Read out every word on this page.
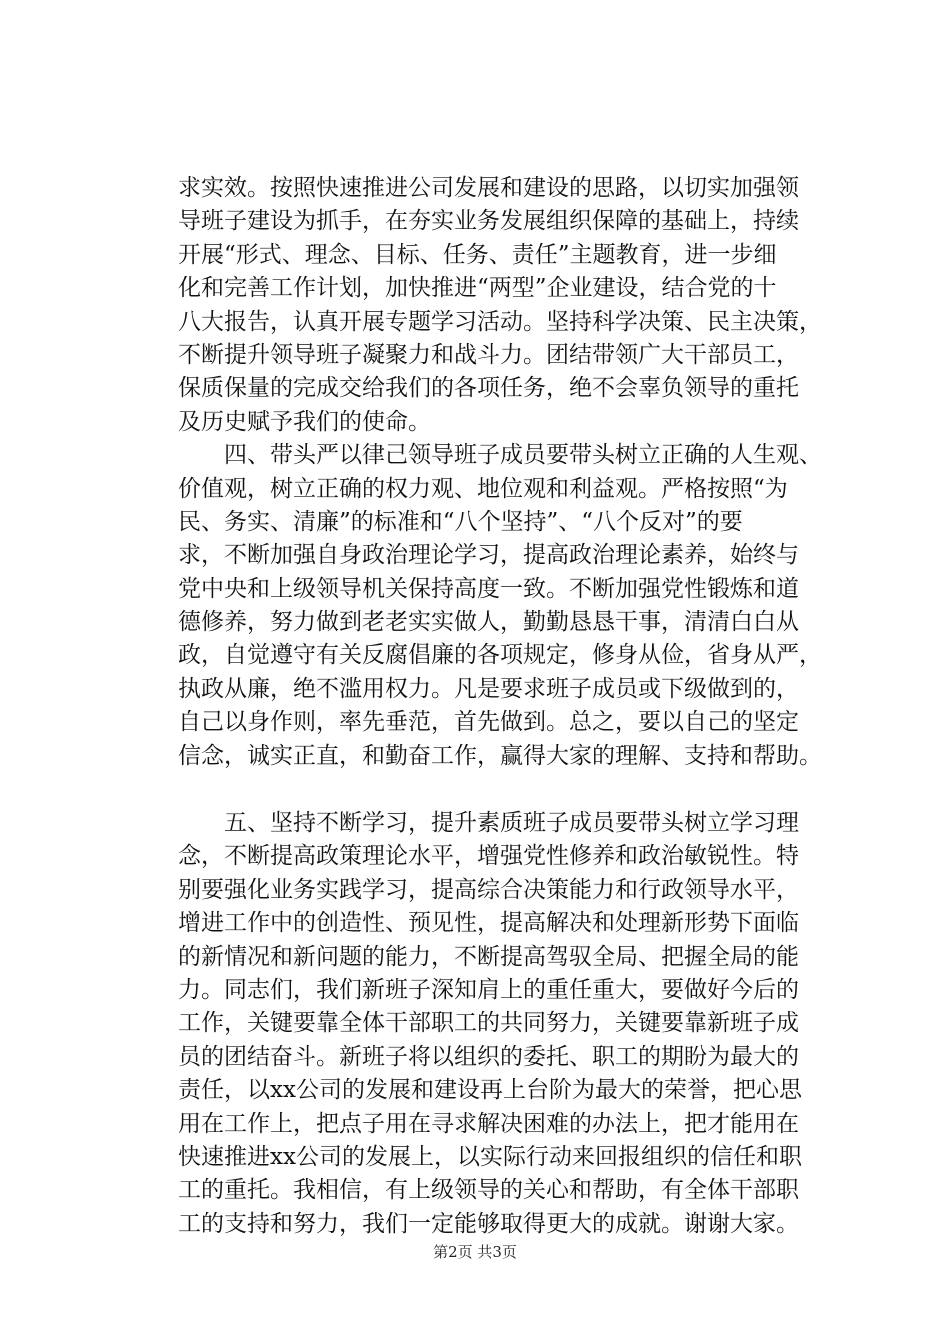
求实效。按照快速推进公司发展和建设的思路，以切实加强领
导班子建设为抓手，在夯实业务发展组织保障的基础上，持续
开展“形式、理念、目标、任务、责任”主题教育，进一步细
化和完善工作计划，加快推进“两型”企业建设，结合党的十
八大报告，认真开展专题学习活动。坚持科学决策、民主决策，
不断提升领导班子凝聚力和战斗力。团结带领广大干部员工，
保质保量的完成交给我们的各项任务，绝不会辜负领导的重托
及历史赋予我们的使命。
　　四、带头严以律己领导班子成员要带头树立正确的人生观、
价值观，树立正确的权力观、地位观和利益观。严格按照“为
民、务实、清廉”的标准和“八个坚持”、“八个反对”的要
求，不断加强自身政治理论学习，提高政治理论素养，始终与
党中央和上级领导机关保持高度一致。不断加强党性锻炼和道
德修养，努力做到老老实实做人，勤勤恳恳干事，清清白白从
政，自觉遵守有关反腐倡廉的各项规定，修身从俭，省身从严，
执政从廉，绝不滥用权力。凡是要求班子成员或下级做到的，
自己以身作则，率先垂范，首先做到。总之，要以自己的坚定
信念，诚实正直，和勤奋工作，赢得大家的理解、支持和帮助。
　　五、坚持不断学习，提升素质班子成员要带头树立学习理
念，不断提高政策理论水平，增强党性修养和政治敏锐性。特
别要强化业务实践学习，提高综合决策能力和行政领导水平，
增进工作中的创造性、预见性，提高解决和处理新形势下面临
的新情况和新问题的能力，不断提高驾驭全局、把握全局的能
力。同志们，我们新班子深知肩上的重任重大，要做好今后的
工作，关键要靠全体干部职工的共同努力，关键要靠新班子成
员的团结奋斗。新班子将以组织的委托、职工的期盼为最大的
责任，以xx公司的发展和建设再上台阶为最大的荣誉，把心思
用在工作上，把点子用在寻求解决困难的办法上，把才能用在
快速推进xx公司的发展上，以实际行动来回报组织的信任和职
工的重托。我相信，有上级领导的关心和帮助，有全体干部职
工的支持和努力，我们一定能够取得更大的成就。谢谢大家。
第2页 共3页
